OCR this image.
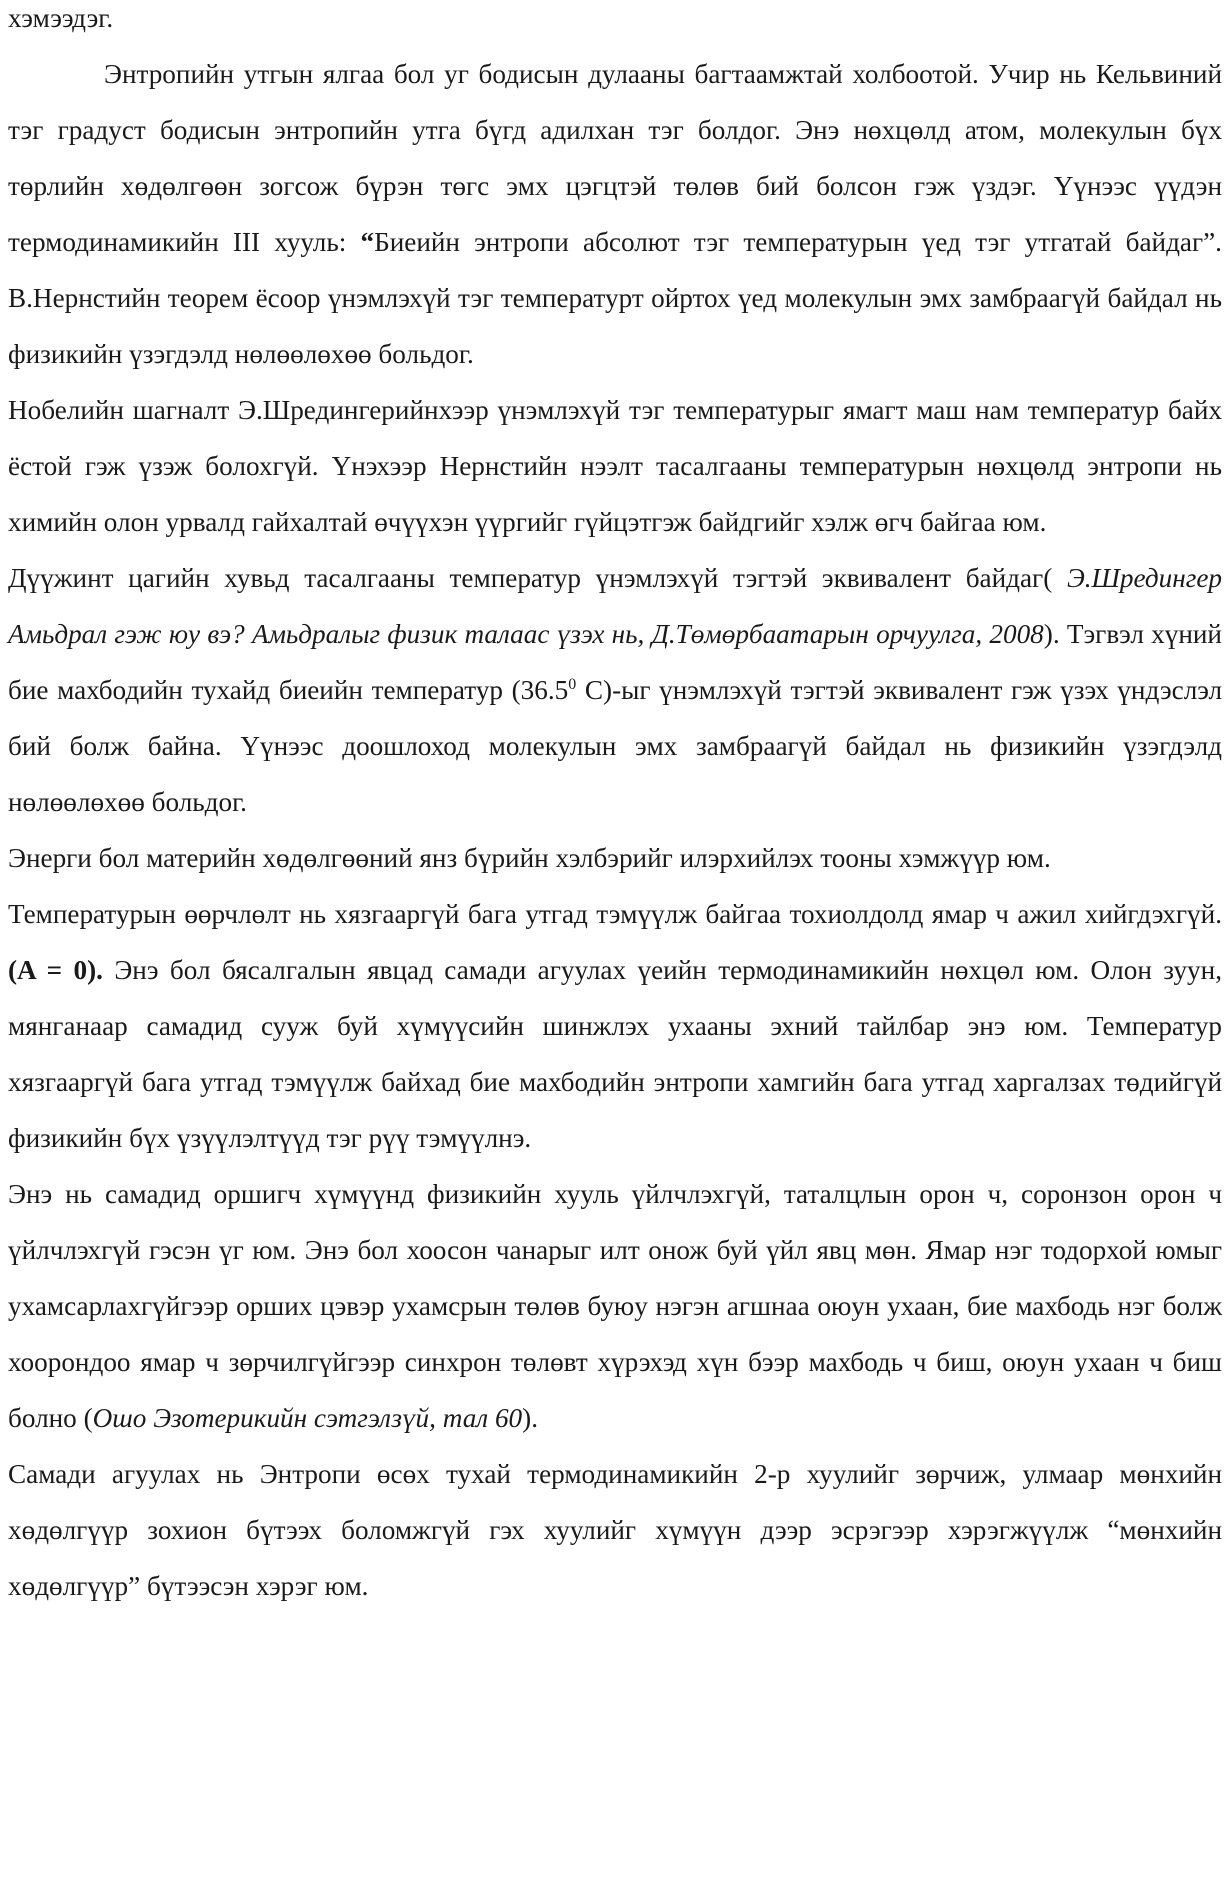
хэмээдэг.

Энтропийн утгын ялгаа бол уг бодисын дулааны багтаамжтай холбоотой. Учир нь Кельвиний тэг градуст бодисын энтропийн утга бүгд адилхан тэг болдог. Энэ нөхцөлд атом, молекулын бүх төрлийн хөдөлгөөн зогсож бүрэн төгс эмх цэгцтэй төлөв бий болсон гэж үздэг. Үүнээс үүдэн термодинамикийн III хууль: “Биеийн энтропи абсолют тэг температурын үед тэг утгатай байдаг”. В.Нернстийн теорем ёсоор үнэмлэхүй тэг температурт ойртох үед молекулын эмх замбраагүй байдал нь физикийн үзэгдэлд нөлөөлөхөө больдог.

Нобелийн шагналт Э.Шредингерийнхээр үнэмлэхүй тэг температурыг ямагт маш нам температур байх ёстой гэж үзэж болохгүй. Үнэхээр Нернстийн нээлт тасалгааны температурын нөхцөлд энтропи нь химийн олон урвалд гайхалтай өчүүхэн үүргийг гүйцэтгэж байдгийг хэлж өгч байгаа юм.

Дүүжинт цагийн хувьд тасалгааны температур үнэмлэхүй тэгтэй эквивалент байдаг( Э.Шредингер Амьдрал гэж юу вэ? Амьдралыг физик талаас үзэх нь, Д.Төмөрбаатарын орчуулга, 2008). Тэгвэл хүний бие махбодийн тухайд биеийн температур (36.5$^0$ С)-ыг үнэмлэхүй тэгтэй эквивалент гэж үзэх үндэслэл бий болж байна. Үүнээс доошлоход молекулын эмх замбраагүй байдал нь физикийн үзэгдэлд нөлөөлөхөө больдог.

Энерги бол материйн хөдөлгөөний янз бүрийн хэлбэрийг илэрхийлэх тооны хэмжүүр юм.

Температурын өөрчлөлт нь хязгааргүй бага утгад тэмүүлж байгаа тохиолдолд ямар ч ажил хийгдэхгүй. (A = 0). Энэ бол бясалгалын явцад самади агуулах үеийн термодинамикийн нөхцөл юм. Олон зуун, мянганаар самадид сууж буй хүмүүсийн шинжлэх ухааны эхний тайлбар энэ юм. Температур хязгааргүй бага утгад тэмүүлж байхад бие махбодийн энтропи хамгийн бага утгад харгалзах төдийгүй физикийн бүх үзүүлэлтүүд тэг рүү тэмүүлнэ.

Энэ нь самадид оршигч хүмүүнд физикийн хууль үйлчлэхгүй, таталцлын орон ч, соронзон орон ч үйлчлэхгүй гэсэн үг юм. Энэ бол хоосон чанарыг илт онож буй үйл явц мөн. Ямар нэг тодорхой юмыг ухамсарлахгүйгээр орших цэвэр ухамсрын төлөв буюу нэгэн агшнаа оюун ухаан, бие махбодь нэг болж хоорондоо ямар ч зөрчилгүйгээр синхрон төлөвт хүрэхэд хүн бээр махбодь ч биш, оюун ухаан ч биш болно (Ошо Эзотерикийн сэтгэлзүй, тал 60).

Самади агуулах нь Энтропи өсөх тухай термодинамикийн 2-р хуулийг зөрчиж, улмаар мөнхийн хөдөлгүүр зохион бүтээх боломжгүй гэх хуулийг хүмүүн дээр эсрэгээр хэрэгжүүлж “мөнхийн хөдөлгүүр” бүтээсэн хэрэг юм.
